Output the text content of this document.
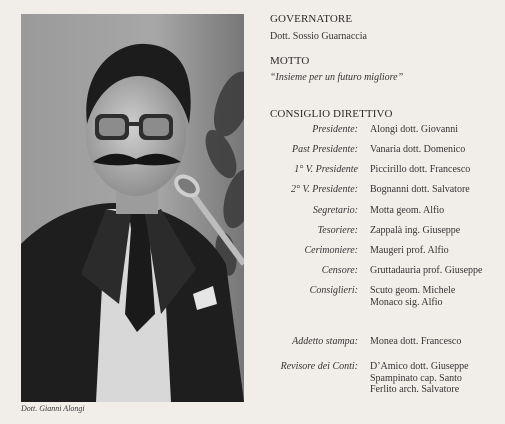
Dott. Gianni Alongi
GOVERNATORE
Dott. Sossio Guarnaccia
MOTTO
“Insieme per un futuro migliore”
CONSIGLIO DIRETTIVO
Presidente: Alongi dott. Giovanni
Past Presidente: Vanaria dott. Domenico
1° V. Presidente Piccirillo dott. Francesco
2° V. Presidente: Bognanni dott. Salvatore
Segretario: Motta geom. Alfio
Tesoriere: Zappalà ing. Giuseppe
Cerimoniere: Maugeri prof. Alfio
Censore: Gruttadauria prof. Giuseppe
Consiglieri: Scuto geom. Michele
Monaco sig. Alfio
Addetto stampa: Monea dott. Francesco
Revisore dei Conti: D’Amico dott. Giuseppe
Spampinato cap. Santo
Ferlito arch. Salvatore
